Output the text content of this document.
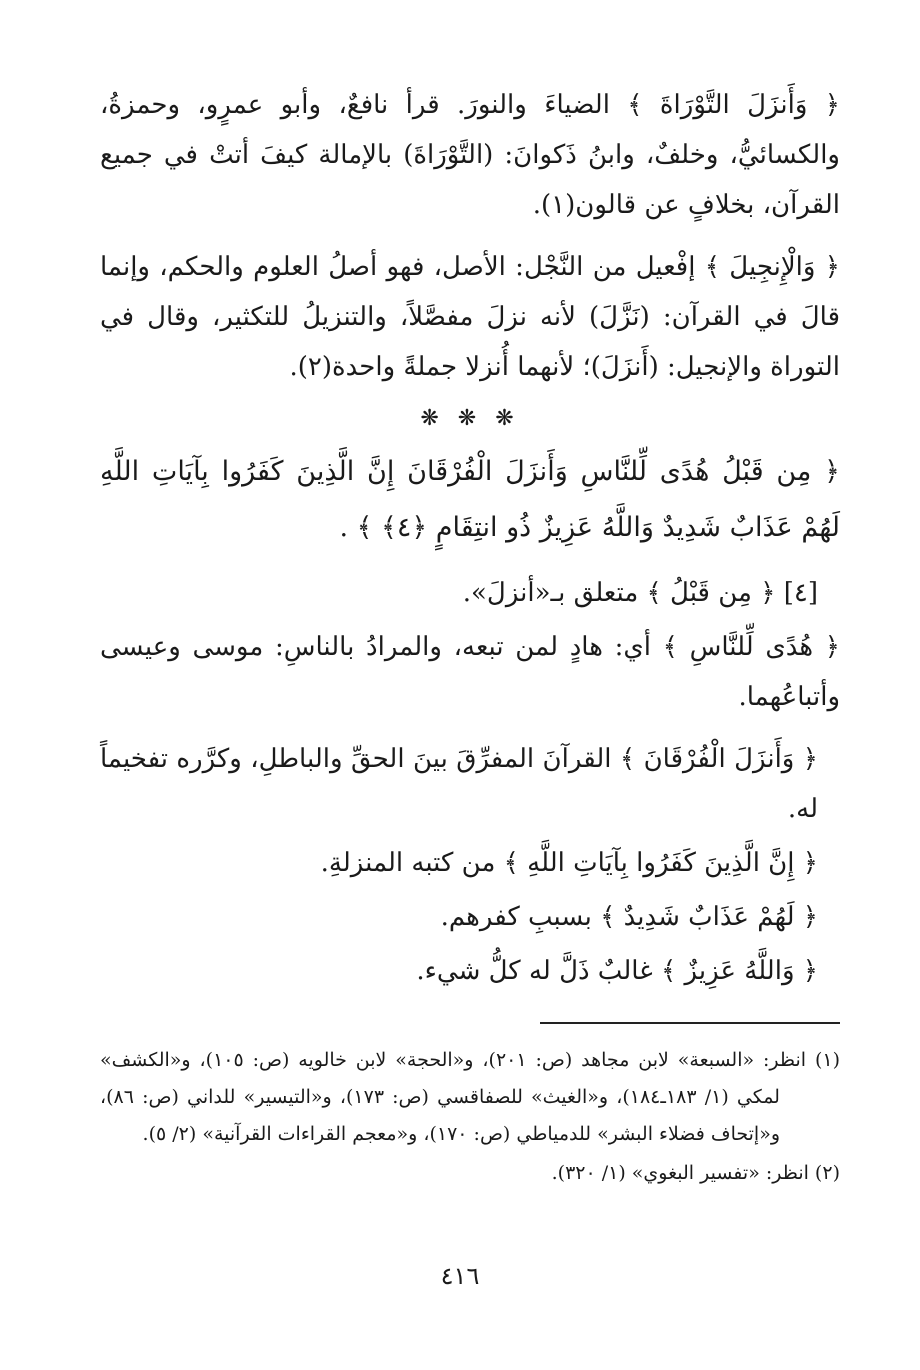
﴿ وَأَنزَلَ التَّوْرَاةَ ﴾ الضياءَ والنورَ. قرأ نافعٌ، وأبو عمرٍو، وحمزةُ، والكسائيُّ، وخلفٌ، وابنُ ذَكوانَ: (التَّوْرَاةَ) بالإمالة كيفَ أتتْ في جميع القرآن، بخلافٍ عن قالون(١).

﴿ وَالْإِنجِيلَ ﴾ إفْعيل من النَّجْل: الأصل، فهو أصلُ العلوم والحكم، وإنما قالَ في القرآن: (نَزَّلَ) لأنه نزلَ مفصَّلاً، والتنزيلُ للتكثير، وقال في التوراة والإنجيل: (أَنزَلَ)؛ لأنهما أُنزلا جملةً واحدة(٢).

❋ ❋ ❋

﴿ مِن قَبْلُ هُدًى لِّلنَّاسِ وَأَنزَلَ الْفُرْقَانَ إِنَّ الَّذِينَ كَفَرُوا بِآيَاتِ اللَّهِ لَهُمْ عَذَابٌ شَدِيدٌ وَاللَّهُ عَزِيزٌ ذُو انتِقَامٍ ﴿٤﴾ ﴾ .

[٤] ﴿ مِن قَبْلُ ﴾ متعلق بـ«أنزلَ».

﴿ هُدًى لِّلنَّاسِ ﴾ أي: هادٍ لمن تبعه، والمرادُ بالناسِ: موسى وعيسى وأتباعُهما.

﴿ وَأَنزَلَ الْفُرْقَانَ ﴾ القرآنَ المفرِّقَ بينَ الحقِّ والباطلِ، وكرَّره تفخيماً له.

﴿ إِنَّ الَّذِينَ كَفَرُوا بِآيَاتِ اللَّهِ ﴾ من كتبه المنزلةِ.

﴿ لَهُمْ عَذَابٌ شَدِيدٌ ﴾ بسببِ كفرهم.

﴿ وَاللَّهُ عَزِيزٌ ﴾ غالبٌ ذَلَّ له كلُّ شيء.

(١) انظر: «السبعة» لابن مجاهد (ص: ٢٠١)، و«الحجة» لابن خالويه (ص: ١٠٥)، و«الكشف» لمكي (١/ ١٨٣ـ١٨٤)، و«الغيث» للصفاقسي (ص: ١٧٣)، و«التيسير» للداني (ص: ٨٦)، و«إتحاف فضلاء البشر» للدمياطي (ص: ١٧٠)، و«معجم القراءات القرآنية» (٢/ ٥).

(٢) انظر: «تفسير البغوي» (١/ ٣٢٠).

٤١٦
